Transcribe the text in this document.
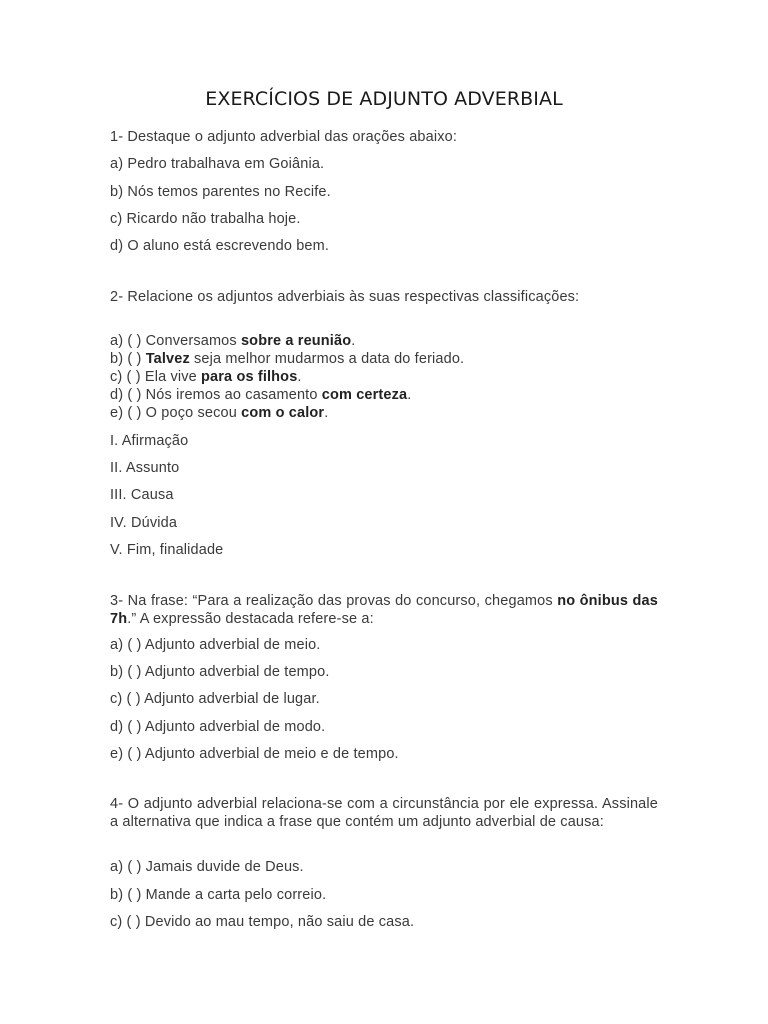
EXERCÍCIOS DE ADJUNTO ADVERBIAL
1- Destaque o adjunto adverbial das orações abaixo:
a) Pedro trabalhava em Goiânia.
b) Nós temos parentes no Recife.
c) Ricardo não trabalha hoje.
d) O aluno está escrevendo bem.
2- Relacione os adjuntos adverbiais às suas respectivas classificações:
a) ( ) Conversamos sobre a reunião.
b) ( ) Talvez seja melhor mudarmos a data do feriado.
c) ( ) Ela vive para os filhos.
d) ( ) Nós iremos ao casamento com certeza.
e) ( ) O poço secou com o calor.
I. Afirmação
II. Assunto
III. Causa
IV. Dúvida
V. Fim, finalidade
3- Na frase: “Para a realização das provas do concurso, chegamos no ônibus das 7h.” A expressão destacada refere-se a:
a) ( ) Adjunto adverbial de meio.
b) ( ) Adjunto adverbial de tempo.
c) ( ) Adjunto adverbial de lugar.
d) ( ) Adjunto adverbial de modo.
e) ( ) Adjunto adverbial de meio e de tempo.
4- O adjunto adverbial relaciona-se com a circunstância por ele expressa. Assinale a alternativa que indica a frase que contém um adjunto adverbial de causa:
a) ( ) Jamais duvide de Deus.
b) ( ) Mande a carta pelo correio.
c) ( ) Devido ao mau tempo, não saiu de casa.
